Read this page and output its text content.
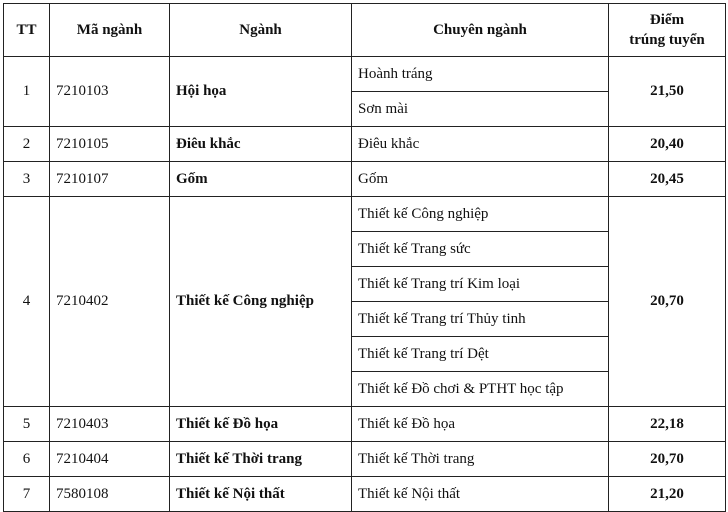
TT	Mã ngành	Ngành	Chuyên ngành	Điểm
trúng tuyển

1	7210103	Hội họa	Hoành tráng	21,50
			Sơn mài	
2	7210105	Điêu khắc	Điêu khắc	20,40
3	7210107	Gốm	Gốm	20,45
4	7210402	Thiết kế Công nghiệp	Thiết kế Công nghiệp	20,70
			Thiết kế Trang sức	
			Thiết kế Trang trí Kim loại	
			Thiết kế Trang trí Thủy tinh	
			Thiết kế Trang trí Dệt	
			Thiết kế Đồ chơi & PTHT học tập	
5	7210403	Thiết kế Đồ họa	Thiết kế Đồ họa	22,18
6	7210404	Thiết kế Thời trang	Thiết kế Thời trang	20,70
7	7580108	Thiết kế Nội thất	Thiết kế Nội thất	21,20
